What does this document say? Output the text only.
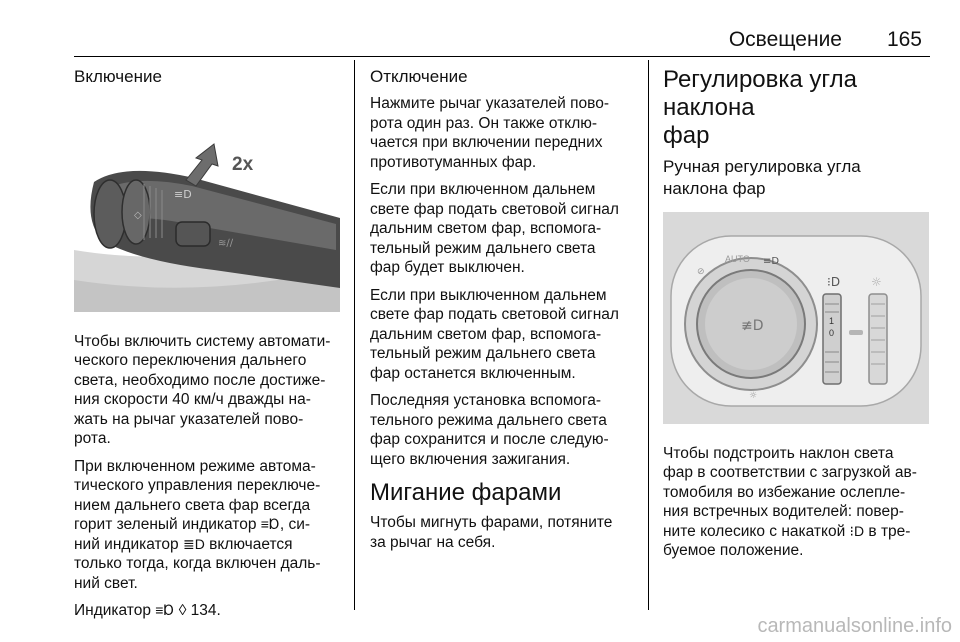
Освещение 165
Включение
≡D
◇
≋∕∕
2x

Чтобы включить систему автомати-
ческого переключения дальнего
света, необходимо после достиже-
ния скорости 40 км/ч дважды на-
жать на рычаг указателей пово-
рота.

При включенном режиме автома-
тического управления переключе-
нием дальнего света фар всегда
горит зеленый индикатор ≡Ɒ, си-
ний индикатор ≣D включается
только тогда, когда включен даль-
ний свет.

Индикатор ≡Ɒ ◊ 134.

Отключение

Нажмите рычаг указателей пово-
рота один раз. Он также отклю-
чается при включении передних
противотуманных фар.

Если при включенном дальнем
свете фар подать световой сигнал
дальним светом фар, вспомога-
тельный режим дальнего света
фар будет выключен.

Если при выключенном дальнем
свете фар подать световой сигнал
дальним светом фар, вспомога-
тельный режим дальнего света
фар останется включенным.

Последняя установка вспомога-
тельного режима дальнего света
фар сохранится и после следую-
щего включения зажигания.

Мигание фарами

Чтобы мигнуть фарами, потяните
за рычаг на себя.

Регулировка угла наклона
фар
Ручная регулировка угла
наклона фар
≢D
AUTO ≡D
⊘
☼
⁝D
1
0
☼

Чтобы подстроить наклон света
фар в соответствии с загрузкой ав-
томобиля во избежание ослепле-
ния встречных водителей: повер-
ните колесико с накаткой ⁝D в тре-
буемое положение.

carmanualsonline.info
